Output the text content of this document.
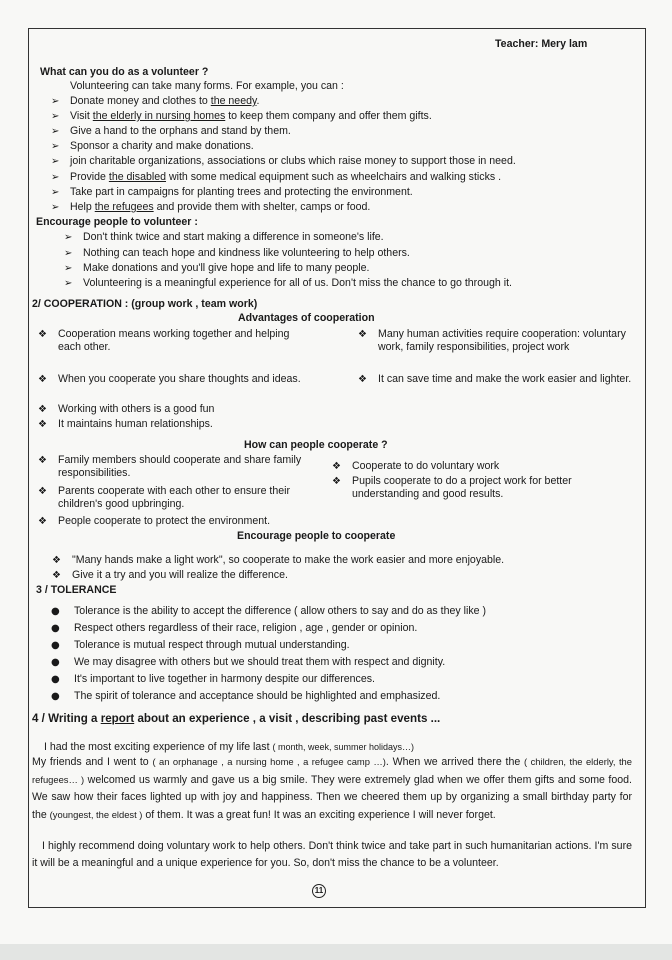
Teacher: Mery lam
What can you do as a volunteer ?
Volunteering can take many forms. For example, you can :
➢ Donate money and clothes to the needy.
➢ Visit the elderly in nursing homes to keep them company and offer them gifts.
➢ Give a hand to the orphans and stand by them.
➢ Sponsor a charity and make donations.
➢ join charitable organizations, associations or clubs which raise money to support those in need.
➢ Provide the disabled with some medical equipment such as wheelchairs and walking sticks .
➢ Take part in campaigns for planting trees and protecting the environment.
➢ Help the refugees and provide them with shelter, camps or food.
Encourage people to volunteer :
➢ Don't think twice and start making a difference in someone's life.
➢ Nothing can teach hope and kindness like volunteering to help others.
➢ Make donations and you'll give hope and life to many people.
➢ Volunteering is a meaningful experience for all of us. Don't miss the chance to go through it.
2/ COOPERATION : (group work , team work)
Advantages of cooperation
❖ Cooperation means working together and helping each other.
❖ When you cooperate you share thoughts and ideas.
❖ Working with others is a good fun
❖ It maintains human relationships.
❖ Many human activities require cooperation: voluntary work, family responsibilities, project work
❖ It can save time and make the work easier and lighter.
How can people cooperate ?
❖ Family members should cooperate and share family responsibilities.
❖ Parents cooperate with each other to ensure their children's good upbringing.
❖ People cooperate to protect the environment.
❖ Cooperate to do voluntary work
❖ Pupils cooperate to do a project work for better understanding and good results.
Encourage people to cooperate
❖ "Many hands make a light work", so cooperate to make the work easier and more enjoyable.
❖ Give it a try and you will realize the difference.
3 / TOLERANCE
● Tolerance is the ability to accept the difference ( allow others to say and do as they like )
● Respect others regardless of their race, religion , age , gender or opinion.
● Tolerance is mutual respect through mutual understanding.
● We may disagree with others but we should treat them with respect and dignity.
● It's important to live together in harmony despite our differences.
● The spirit of tolerance and acceptance should be highlighted and emphasized.
4 / Writing a report about an experience , a visit , describing past events ...
I had the most exciting experience of my life last ( month, week, summer holidays…)
My friends and I went to ( an orphanage , a nursing home , a refugee camp …). When we arrived there the ( children, the elderly, the refugees… ) welcomed us warmly and gave us a big smile. They were extremely glad when we offer them gifts and some food. We saw how their faces lighted up with joy and happiness. Then we cheered them up by organizing a small birthday party for the (youngest, the eldest ) of them. It was a great fun! It was an exciting experience I will never forget.
I highly recommend doing voluntary work to help others. Don't think twice and take part in such humanitarian actions. I'm sure it will be a meaningful and a unique experience for you. So, don't miss the chance to be a volunteer.
11
